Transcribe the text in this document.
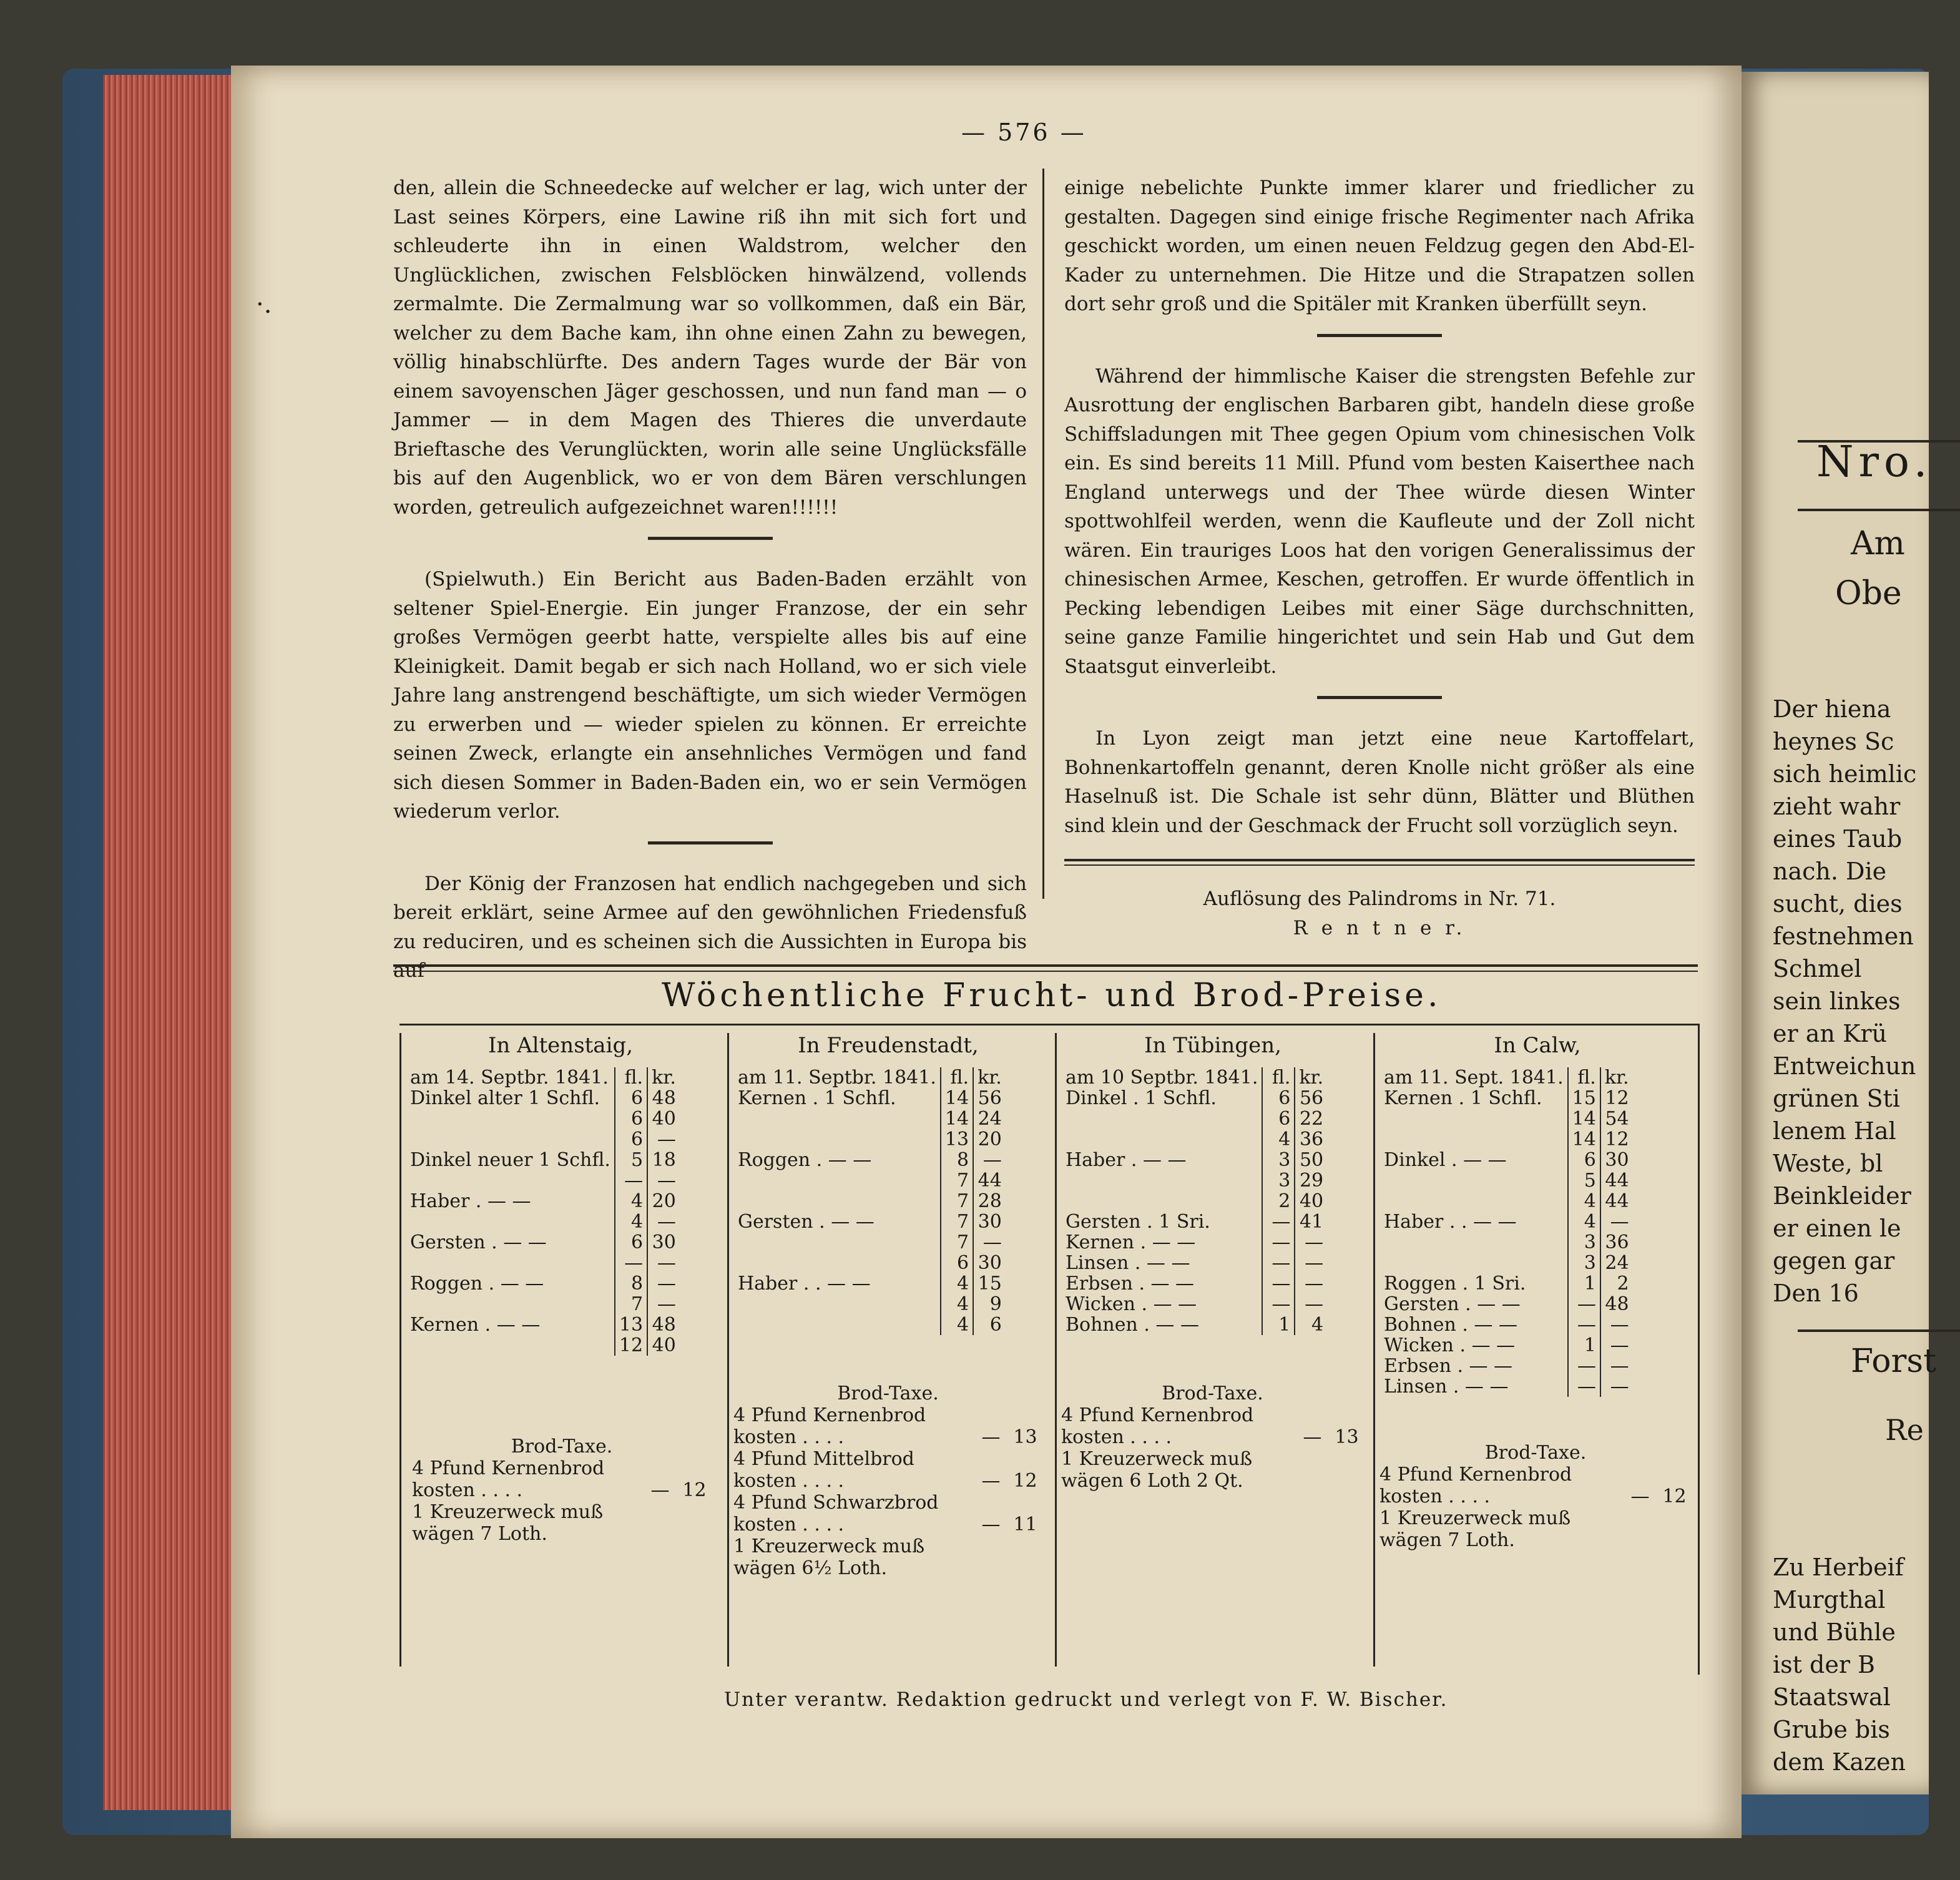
— 576 —
·.

den, allein die Schneedecke auf welcher er lag, wich unter der Last seines Körpers, eine Lawine riß ihn mit sich fort und schleuderte ihn in einen Waldstrom, welcher den Unglücklichen, zwischen Felsblöcken hinwälzend, vollends zermalmte. Die Zermalmung war so vollkommen, daß ein Bär, welcher zu dem Bache kam, ihn ohne einen Zahn zu bewegen, völlig hinabschlürfte. Des andern Tages wurde der Bär von einem savoyenschen Jäger geschossen, und nun fand man — o Jammer — in dem Magen des Thieres die unverdaute Brieftasche des Verunglückten, worin alle seine Unglücksfälle bis auf den Augenblick, wo er von dem Bären verschlungen worden, getreulich aufgezeichnet waren!!!!!!

(Spielwuth.) Ein Bericht aus Baden-Baden erzählt von seltener Spiel-Energie. Ein junger Franzose, der ein sehr großes Vermögen geerbt hatte, verspielte alles bis auf eine Kleinigkeit. Damit begab er sich nach Holland, wo er sich viele Jahre lang anstrengend beschäftigte, um sich wieder Vermögen zu erwerben und — wieder spielen zu können. Er erreichte seinen Zweck, erlangte ein ansehnliches Vermögen und fand sich diesen Sommer in Baden-Baden ein, wo er sein Vermögen wiederum verlor.

Der König der Franzosen hat endlich nachgegeben und sich bereit erklärt, seine Armee auf den gewöhnlichen Friedensfuß zu reduciren, und es scheinen sich die Aussichten in Europa bis auf

einige nebelichte Punkte immer klarer und friedlicher zu gestalten. Dagegen sind einige frische Regimenter nach Afrika geschickt worden, um einen neuen Feldzug gegen den Abd-El-Kader zu unternehmen. Die Hitze und die Strapatzen sollen dort sehr groß und die Spitäler mit Kranken überfüllt seyn.

Während der himmlische Kaiser die strengsten Befehle zur Ausrottung der englischen Barbaren gibt, handeln diese große Schiffsladungen mit Thee gegen Opium vom chinesischen Volk ein. Es sind bereits 11 Mill. Pfund vom besten Kaiserthee nach England unterwegs und der Thee würde diesen Winter spottwohlfeil werden, wenn die Kaufleute und der Zoll nicht wären. Ein trauriges Loos hat den vorigen Generalissimus der chinesischen Armee, Keschen, getroffen. Er wurde öffentlich in Pecking lebendigen Leibes mit einer Säge durchschnitten, seine ganze Familie hingerichtet und sein Hab und Gut dem Staatsgut einverleibt.

In Lyon zeigt man jetzt eine neue Kartoffelart, Bohnenkartoffeln genannt, deren Knolle nicht größer als eine Haselnuß ist. Die Schale ist sehr dünn, Blätter und Blüthen sind klein und der Geschmack der Frucht soll vorzüglich seyn.

Auflösung des Palindroms in Nr. 71.

R e n t n e r.

Wöchentliche Frucht- und Brod-Preise.
In Altenstaig,
am 14. Septbr. 1841.	fl.	kr.
Dinkel alter 1 Schfl.	6	48
	6	40
	6	—
Dinkel neuer 1 Schfl.	5	18
	—	—
Haber . — —	4	20
	4	—
Gersten . — —	6	30
	—	—

Roggen . — —	8	—
	7	—

Kernen . — —	13	48
	12	40
Brod-Taxe.
4 Pfund Kernenbrod
kosten . . . .	— 12
1 Kreuzerweck muß
wägen 7 Loth.
In Freudenstadt,
am 11. Septbr. 1841.	fl.	kr.
Kernen . 1 Schfl.	14	56
	14	24
	13	20
Roggen . — —	8	—
	7	44
	7	28
Gersten . — —	7	30
	7	—
	6	30
Haber . . — —	4	15
	4	9
	4	6
Brod-Taxe.
4 Pfund Kernenbrod
kosten . . . .	— 13
4 Pfund Mittelbrod
kosten . . . .	— 12
4 Pfund Schwarzbrod
kosten . . . .	— 11
1 Kreuzerweck muß
wägen 6½ Loth.
In Tübingen,
am 10 Septbr. 1841.	fl.	kr.
Dinkel . 1 Schfl.	6	56
	6	22
	4	36
Haber . — —	3	50
	3	29
	2	40
Gersten . 1 Sri.	—	41
Kernen . — —	—	—
Linsen . — —	—	—
Erbsen . — —	—	—
Wicken . — —	—	—
Bohnen . — —	1	4
Brod-Taxe.
4 Pfund Kernenbrod
kosten . . . .	— 13
1 Kreuzerweck muß
wägen 6 Loth 2 Qt.
In Calw,
am 11. Sept. 1841.	fl.	kr.
Kernen . 1 Schfl.	15	12
	14	54
	14	12
Dinkel . — —	6	30
	5	44
	4	44
Haber . . — —	4	—
	3	36
	3	24
Roggen . 1 Sri.	1	2
Gersten . — —	—	48
Bohnen . — —	—	—
Wicken . — —	1	—
Erbsen . — —	—	—
Linsen . — —	—	—
Brod-Taxe.
4 Pfund Kernenbrod
kosten . . . .	— 12
1 Kreuzerweck muß
wägen 7 Loth.
Unter verantw. Redaktion gedruckt und verlegt von F. W. Bischer.
Nro.
Am
Obe
Der hiena
heynes Sc
sich heimlic
zieht wahr
eines Taub
nach. Die
sucht, dies
festnehmen
Schmel
sein linkes
er an Krü
Entweichun
grünen Sti
lenem Hal
Weste, bl
Beinkleider
er einen le
gegen gar
Den 16
Forst
Re
Zu Herbeif
Murgthal
und Bühle
ist der B
Staatswal
Grube bis
dem Kazen
